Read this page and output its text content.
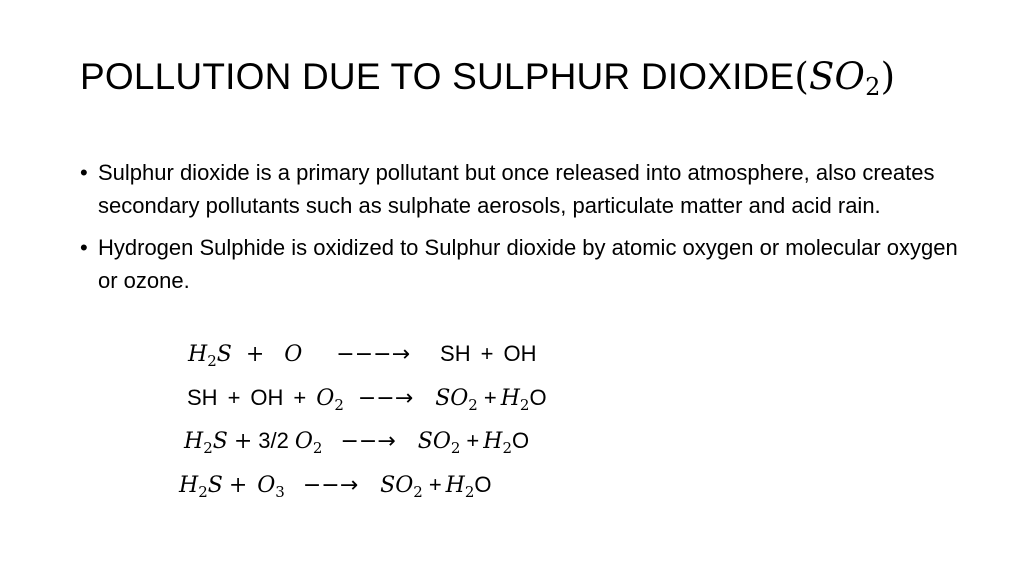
POLLUTION DUE TO SULPHUR $DIOXIDE(SO_2)$
• Sulphur dioxide is a primary pollutant but once released into atmosphere, also creates secondary pollutants such as sulphate aerosols, particulate matter and acid rain.
• Hydrogen Sulphide is oxidized to Sulphur dioxide by atomic oxygen or molecular oxygen or ozone.
$H_2S + O$ −−−→ SH + OH
SH + OH + $O_2$ −−→ $SO_2 + H_2O$
$H_2S + 3/2$ $O_2$ −−→ $SO_2 + H_2O$
$H_2S + O_3$ −−→ $SO_2 + H_2O$
